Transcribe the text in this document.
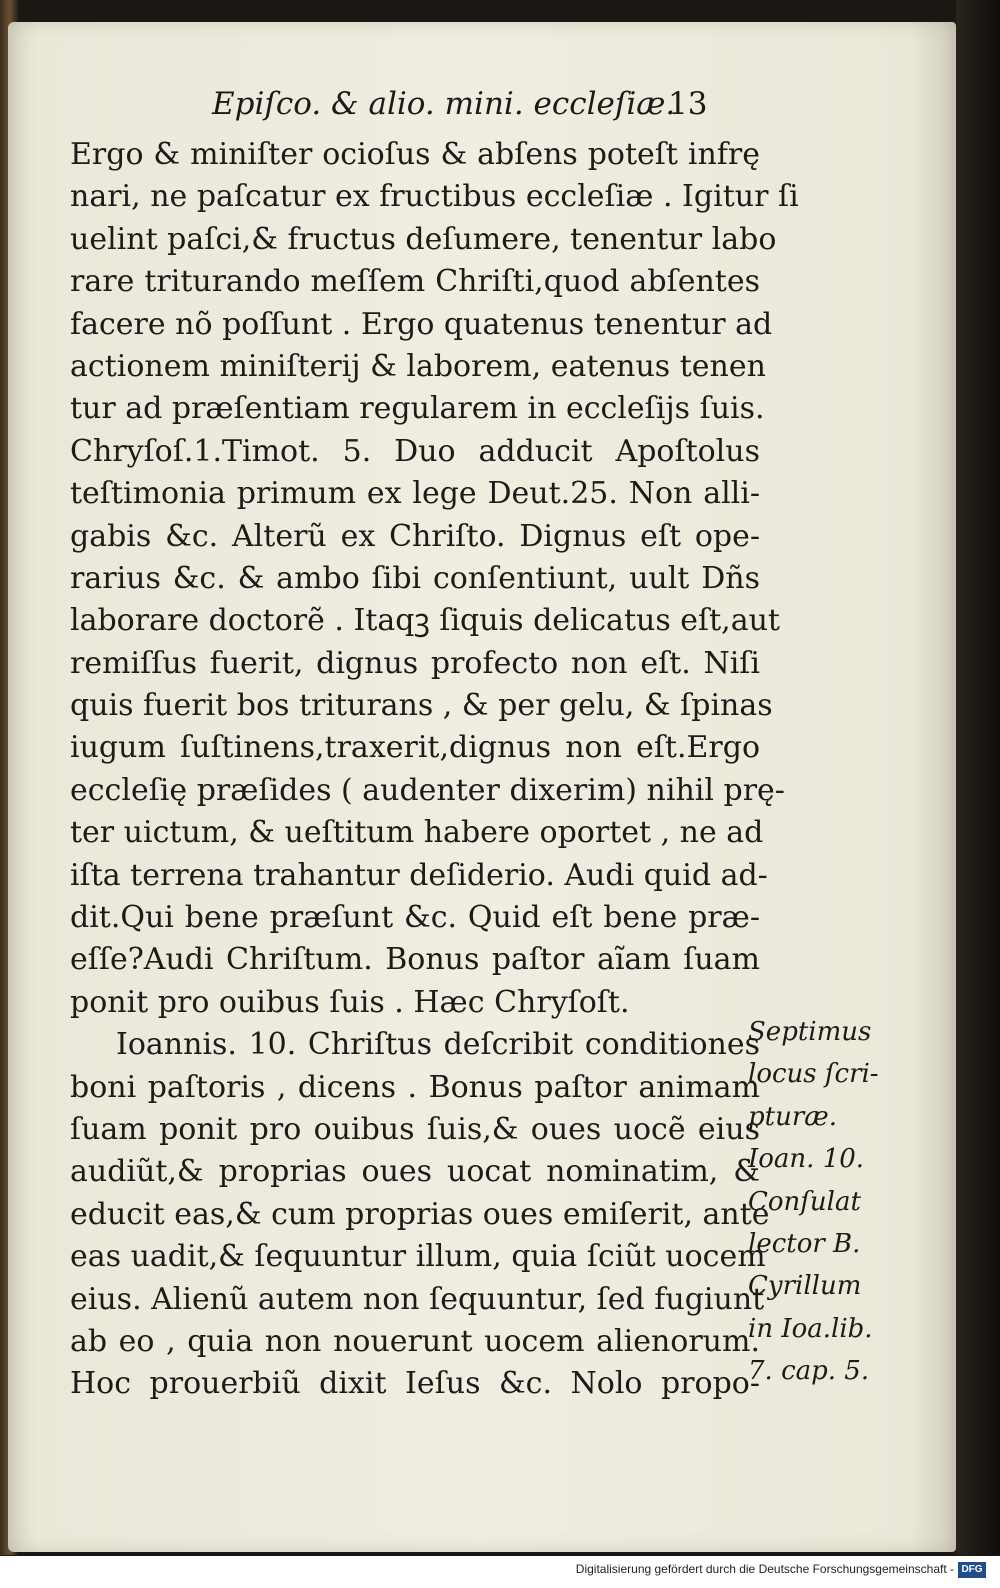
Epiſco. & alio. mini. eccleſiæ.
13
Ergo & miniſter ocioſus & abſens poteſt infrę
nari, ne paſcatur ex fructibus eccleſiæ . Igitur ſi
uelint paſci,& fructus deſumere, tenentur labo
rare triturando meſſem Chriſti,quod abſentes
facere nõ poſſunt . Ergo quatenus tenentur ad
actionem miniſterij & laborem, eatenus tenen
tur ad præſentiam regularem in eccleſijs ſuis.
Chryſoſ.1.Timot. 5. Duo adducit Apoſtolus
teſtimonia primum ex lege Deut.25. Non alli-
gabis &c. Alterũ ex Chriſto. Dignus eſt ope-
rarius &c. & ambo ſibi conſentiunt, uult Dñs
laborare doctorẽ . Itaqꝫ ſiquis delicatus eſt,aut
remiſſus fuerit, dignus profecto non eſt. Niſi
quis fuerit bos triturans , & per gelu, & ſpinas
iugum ſuſtinens,traxerit,dignus non eſt.Ergo
eccleſię præſides ( audenter dixerim) nihil prę-
ter uictum, & ueſtitum habere oportet , ne ad
iſta terrena trahantur deſiderio. Audi quid ad-
dit.Qui bene præſunt &c. Quid eſt bene præ-
eſſe?Audi Chriſtum. Bonus paſtor aĩam ſuam
ponit pro ouibus ſuis . Hæc Chryſoſt.
Ioannis. 10. Chriſtus deſcribit conditiones
boni paſtoris , dicens . Bonus paſtor animam
ſuam ponit pro ouibus ſuis,& oues uocẽ eius
audiũt,& proprias oues uocat nominatim, &
educit eas,& cum proprias oues emiſerit, ante
eas uadit,& ſequuntur illum, quia ſciũt uocem
eius. Alienũ autem non ſequuntur, ſed fugiunt
ab eo , quia non nouerunt uocem alienorum.
Hoc prouerbiũ dixit Ieſus &c. Nolo propo-
Septimus
locus ſcri-
pturæ.
Ioan. 10.
Conſulat
lector B.
Cyrillum
in Ioa.lib.
7. cap. 5.
Digitalisierung gefördert durch die Deutsche Forschungsgemeinschaft - DFG
